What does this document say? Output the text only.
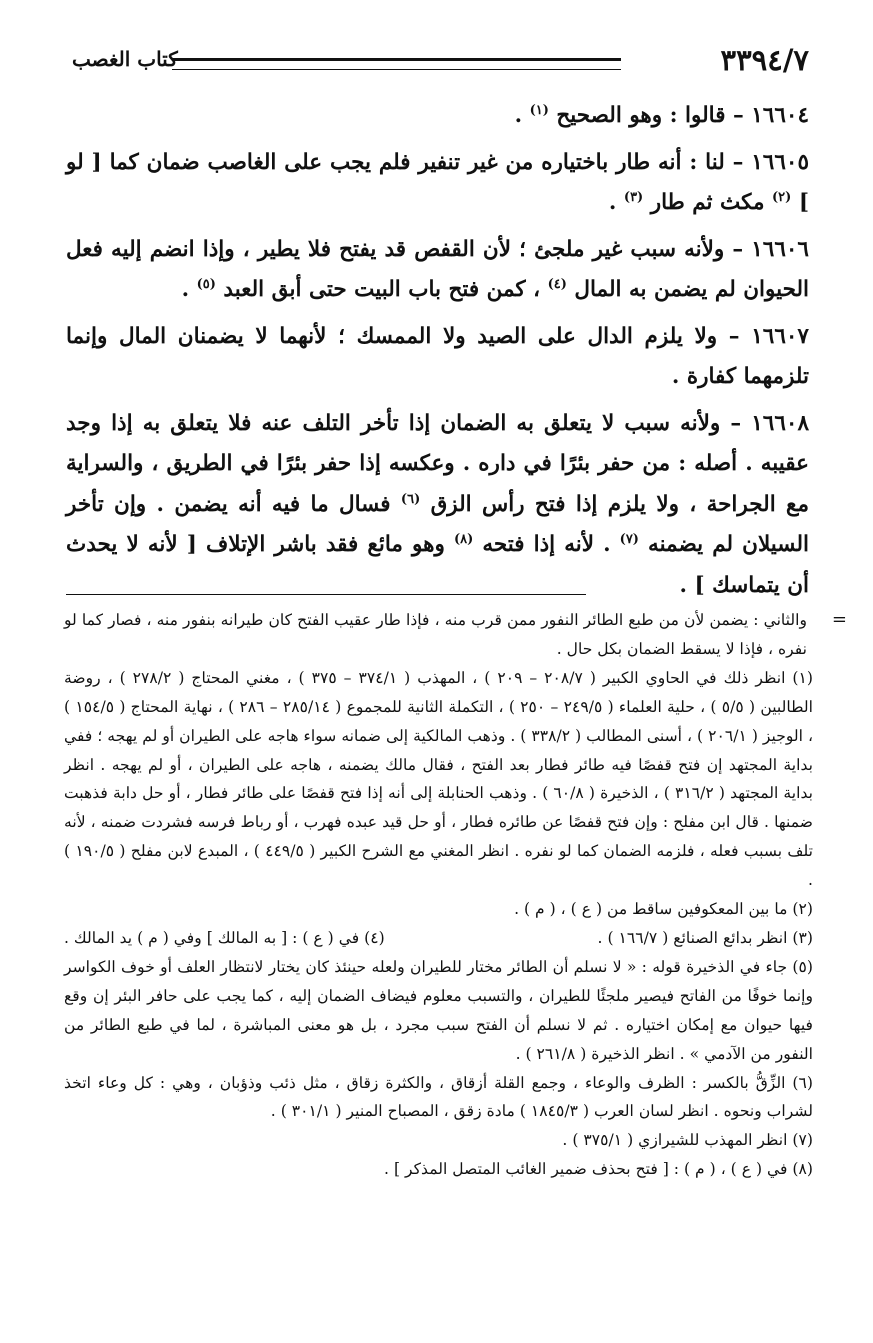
٣٣٩٤/٧
كتاب الغصب

١٦٦٠٤ – قالوا : وهو الصحيح $^{(١)}$ .

١٦٦٠٥ – لنا : أنه طار باختياره من غير تنفير فلم يجب على الغاصب ضمان كما [ لو ] $^{(٢)}$ مكث ثم طار $^{(٣)}$ .

١٦٦٠٦ – ولأنه سبب غير ملجئ ؛ لأن القفص قد يفتح فلا يطير ، وإذا انضم إليه فعل الحيوان لم يضمن به المال $^{(٤)}$ ، كمن فتح باب البيت حتى أبق العبد $^{(٥)}$ .

١٦٦٠٧ – ولا يلزم الدال على الصيد ولا الممسك ؛ لأنهما لا يضمنان المال وإنما تلزمهما كفارة .

١٦٦٠٨ – ولأنه سبب لا يتعلق به الضمان إذا تأخر التلف عنه فلا يتعلق به إذا وجد عقيبه . أصله : من حفر بئرًا في داره . وعكسه إذا حفر بئرًا في الطريق ، والسراية مع الجراحة ، ولا يلزم إذا فتح رأس الزق $^{(٦)}$ فسال ما فيه أنه يضمن . وإن تأخر السيلان لم يضمنه $^{(٧)}$ . لأنه إذا فتحه $^{(٨)}$ وهو مائع فقد باشر الإتلاف [ لأنه لا يحدث أن يتماسك ] .

=
والثاني : يضمن لأن من طبع الطائر النفور ممن قرب منه ، فإذا طار عقيب الفتح كان طيرانه بنفور منه ، فصار كما لو نفره ، فإذا لا يسقط الضمان بكل حال .

(١) انظر ذلك في الحاوي الكبير ( ٢٠٨/٧ – ٢٠٩ ) ، المهذب ( ٣٧٤/١ – ٣٧٥ ) ، مغني المحتاج ( ٢٧٨/٢ ) ، روضة الطالبين ( ٥/٥ ) ، حلية العلماء ( ٢٤٩/٥ – ٢٥٠ ) ، التكملة الثانية للمجموع ( ٢٨٥/١٤ – ٢٨٦ ) ، نهاية المحتاج ( ١٥٤/٥ ) ، الوجيز ( ٢٠٦/١ ) ، أسنى المطالب ( ٣٣٨/٢ ) . وذهب المالكية إلى ضمانه سواء هاجه على الطيران أو لم يهجه ؛ ففي بداية المجتهد إن فتح قفصًا فيه طائر فطار بعد الفتح ، فقال مالك يضمنه ، هاجه على الطيران ، أو لم يهجه . انظر بداية المجتهد ( ٣١٦/٢ ) ، الذخيرة ( ٦٠/٨ ) . وذهب الحنابلة إلى أنه إذا فتح قفصًا على طائر فطار ، أو حل دابة فذهبت ضمنها . قال ابن مفلح : وإن فتح قفصًا عن طائره فطار ، أو حل قيد عبده فهرب ، أو رباط فرسه فشردت ضمنه ، لأنه تلف بسبب فعله ، فلزمه الضمان كما لو نفره . انظر المغني مع الشرح الكبير ( ٤٤٩/٥ ) ، المبدع لابن مفلح ( ١٩٠/٥ ) .

(٢) ما بين المعكوفين ساقط من ( ع ) ، ( م ) .
(٣) انظر بدائع الصنائع ( ١٦٦/٧ ) .
(٤) في ( ع ) : [ به المالك ] وفي ( م ) يد المالك .

(٥) جاء في الذخيرة قوله : « لا نسلم أن الطائر مختار للطيران ولعله حينئذ كان يختار لانتظار العلف أو خوف الكواسر وإنما خوفًا من الفاتح فيصير ملجئًا للطيران ، والتسبب معلوم فيضاف الضمان إليه ، كما يجب على حافر البئر إن وقع فيها حيوان مع إمكان اختياره . ثم لا نسلم أن الفتح سبب مجرد ، بل هو معنى المباشرة ، لما في طبع الطائر من النفور من الآدمي » . انظر الذخيرة ( ٢٦١/٨ ) .

(٦) الزِّقُّ بالكسر : الظرف والوعاء ، وجمع القلة أزقاق ، والكثرة زقاق ، مثل ذئب وذؤبان ، وهي : كل وعاء اتخذ لشراب ونحوه . انظر لسان العرب ( ١٨٤٥/٣ ) مادة زقق ، المصباح المنير ( ٣٠١/١ ) .

(٧) انظر المهذب للشيرازي ( ٣٧٥/١ ) .

(٨) في ( ع ) ، ( م ) : [ فتح بحذف ضمير الغائب المتصل المذكر ] .
